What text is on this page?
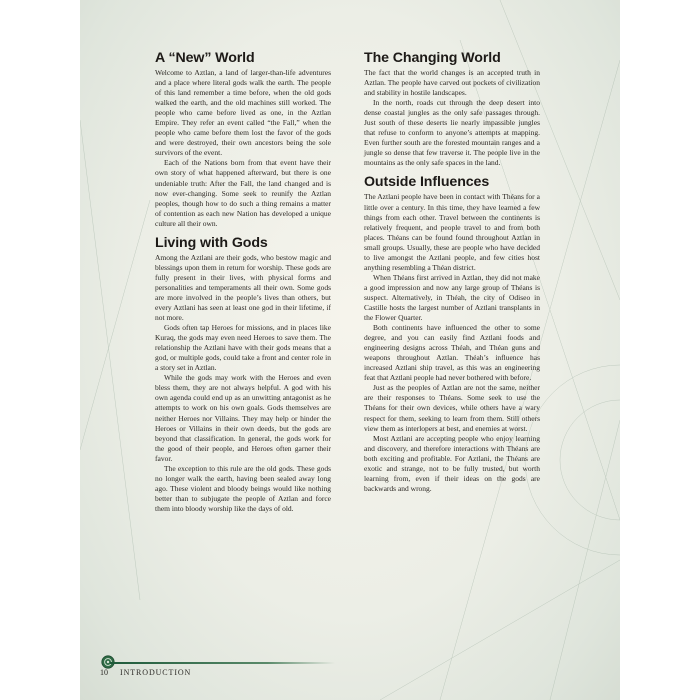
A “New” World

Welcome to Aztlan, a land of larger-than-life adventures and a place where literal gods walk the earth. The people of this land remember a time before, when the old gods walked the earth, and the old machines still worked. The people who came before lived as one, in the Aztlan Empire. They refer an event called “the Fall,” when the people who came before them lost the favor of the gods and were destroyed, their own ancestors being the sole survivors of the event.

Each of the Nations born from that event have their own story of what happened afterward, but there is one undeniable truth: After the Fall, the land changed and is now ever-changing. Some seek to reunify the Aztlan peoples, though how to do such a thing remains a matter of contention as each new Nation has developed a unique culture all their own.

Living with Gods

Among the Aztlani are their gods, who bestow magic and blessings upon them in return for worship. These gods are fully present in their lives, with physical forms and personalities and temperaments all their own. Some gods are more involved in the people’s lives than others, but every Aztlani has seen at least one god in their lifetime, if not more.

Gods often tap Heroes for missions, and in places like Kuraq, the gods may even need Heroes to save them. The relationship the Aztlani have with their gods means that a god, or multiple gods, could take a front and center role in a story set in Aztlan.

While the gods may work with the Heroes and even bless them, they are not always helpful. A god with his own agenda could end up as an unwitting antagonist as he attempts to work on his own goals. Gods themselves are neither Heroes nor Villains. They may help or hinder the Heroes or Villains in their own deeds, but the gods are beyond that classification. In general, the gods work for the good of their people, and Heroes often garner their favor.

The exception to this rule are the old gods. These gods no longer walk the earth, having been sealed away long ago. These violent and bloody beings would like nothing better than to subjugate the people of Aztlan and force them into bloody worship like the days of old.

The Changing World

The fact that the world changes is an accepted truth in Aztlan. The people have carved out pockets of civilization and stability in hostile landscapes.

In the north, roads cut through the deep desert into dense coastal jungles as the only safe passages through. Just south of these deserts lie nearly impassible jungles that refuse to conform to anyone’s attempts at mapping. Even further south are the forested mountain ranges and a jungle so dense that few traverse it. The people live in the mountains as the only safe spaces in the land.

Outside Influences

The Aztlani people have been in contact with Théans for a little over a century. In this time, they have learned a few things from each other. Travel between the continents is relatively frequent, and people travel to and from both places. Théans can be found found throughout Aztlan in small groups. Usually, these are people who have decided to live amongst the Aztlani people, and few cities host anything resembling a Théan district.

When Théans first arrived in Aztlan, they did not make a good impression and now any large group of Théans is suspect. Alternatively, in Théah, the city of Odiseo in Castille hosts the largest number of Aztlani transplants in the Flower Quarter.

Both continents have influenced the other to some degree, and you can easily find Aztlani foods and engineering designs across Théah, and Théan guns and weapons throughout Aztlan. Théah’s influence has increased Aztlani ship travel, as this was an engineering feat that Aztlani people had never bothered with before.

Just as the peoples of Aztlan are not the same, neither are their responses to Théans. Some seek to use the Théans for their own devices, while others have a wary respect for them, seeking to learn from them. Still others view them as interlopers at best, and enemies at worst.

Most Aztlani are accepting people who enjoy learning and discovery, and therefore interactions with Théans are both exciting and profitable. For Aztlani, the Théans are exotic and strange, not to be fully trusted, but worth learning from, even if their ideas on the gods are backwards and wrong.

10 INTRODUCTION
